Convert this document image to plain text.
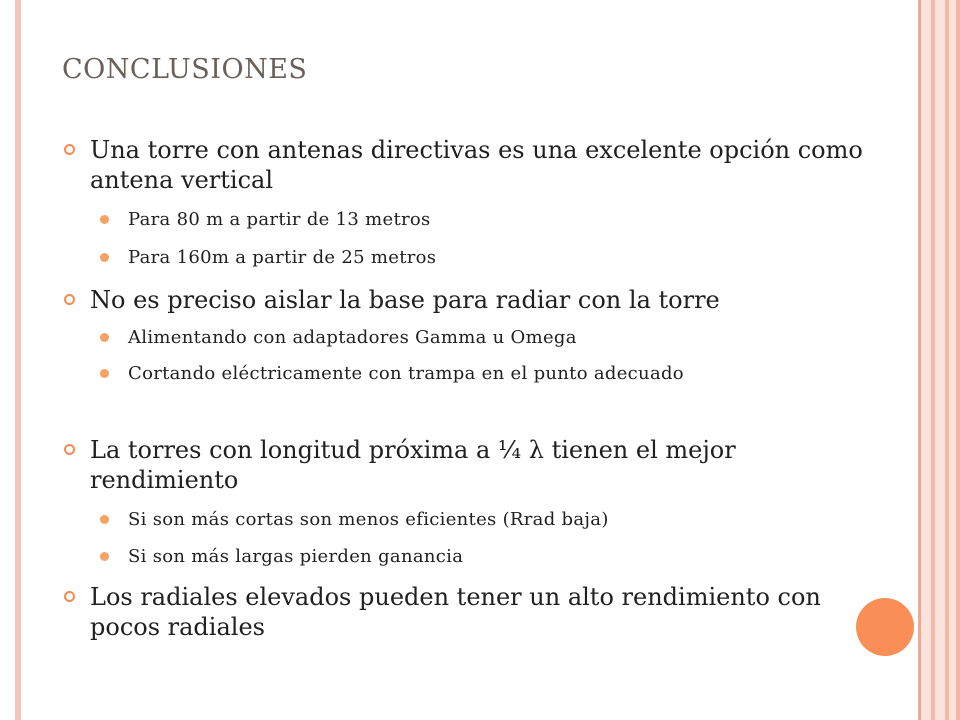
CONCLUSIONES
Una torre con antenas directivas es una excelente opción como antena vertical
Para 80 m a partir de 13 metros
Para 160m a partir de 25 metros
No es preciso aislar la base para radiar con la torre
Alimentando con adaptadores Gamma u Omega
Cortando eléctricamente con trampa en el punto adecuado
La torres con longitud próxima a ¼ λ tienen el mejor rendimiento
Si son más cortas son menos eficientes (Rrad baja)
Si son más largas pierden ganancia
Los radiales elevados pueden tener un alto rendimiento con pocos radiales
